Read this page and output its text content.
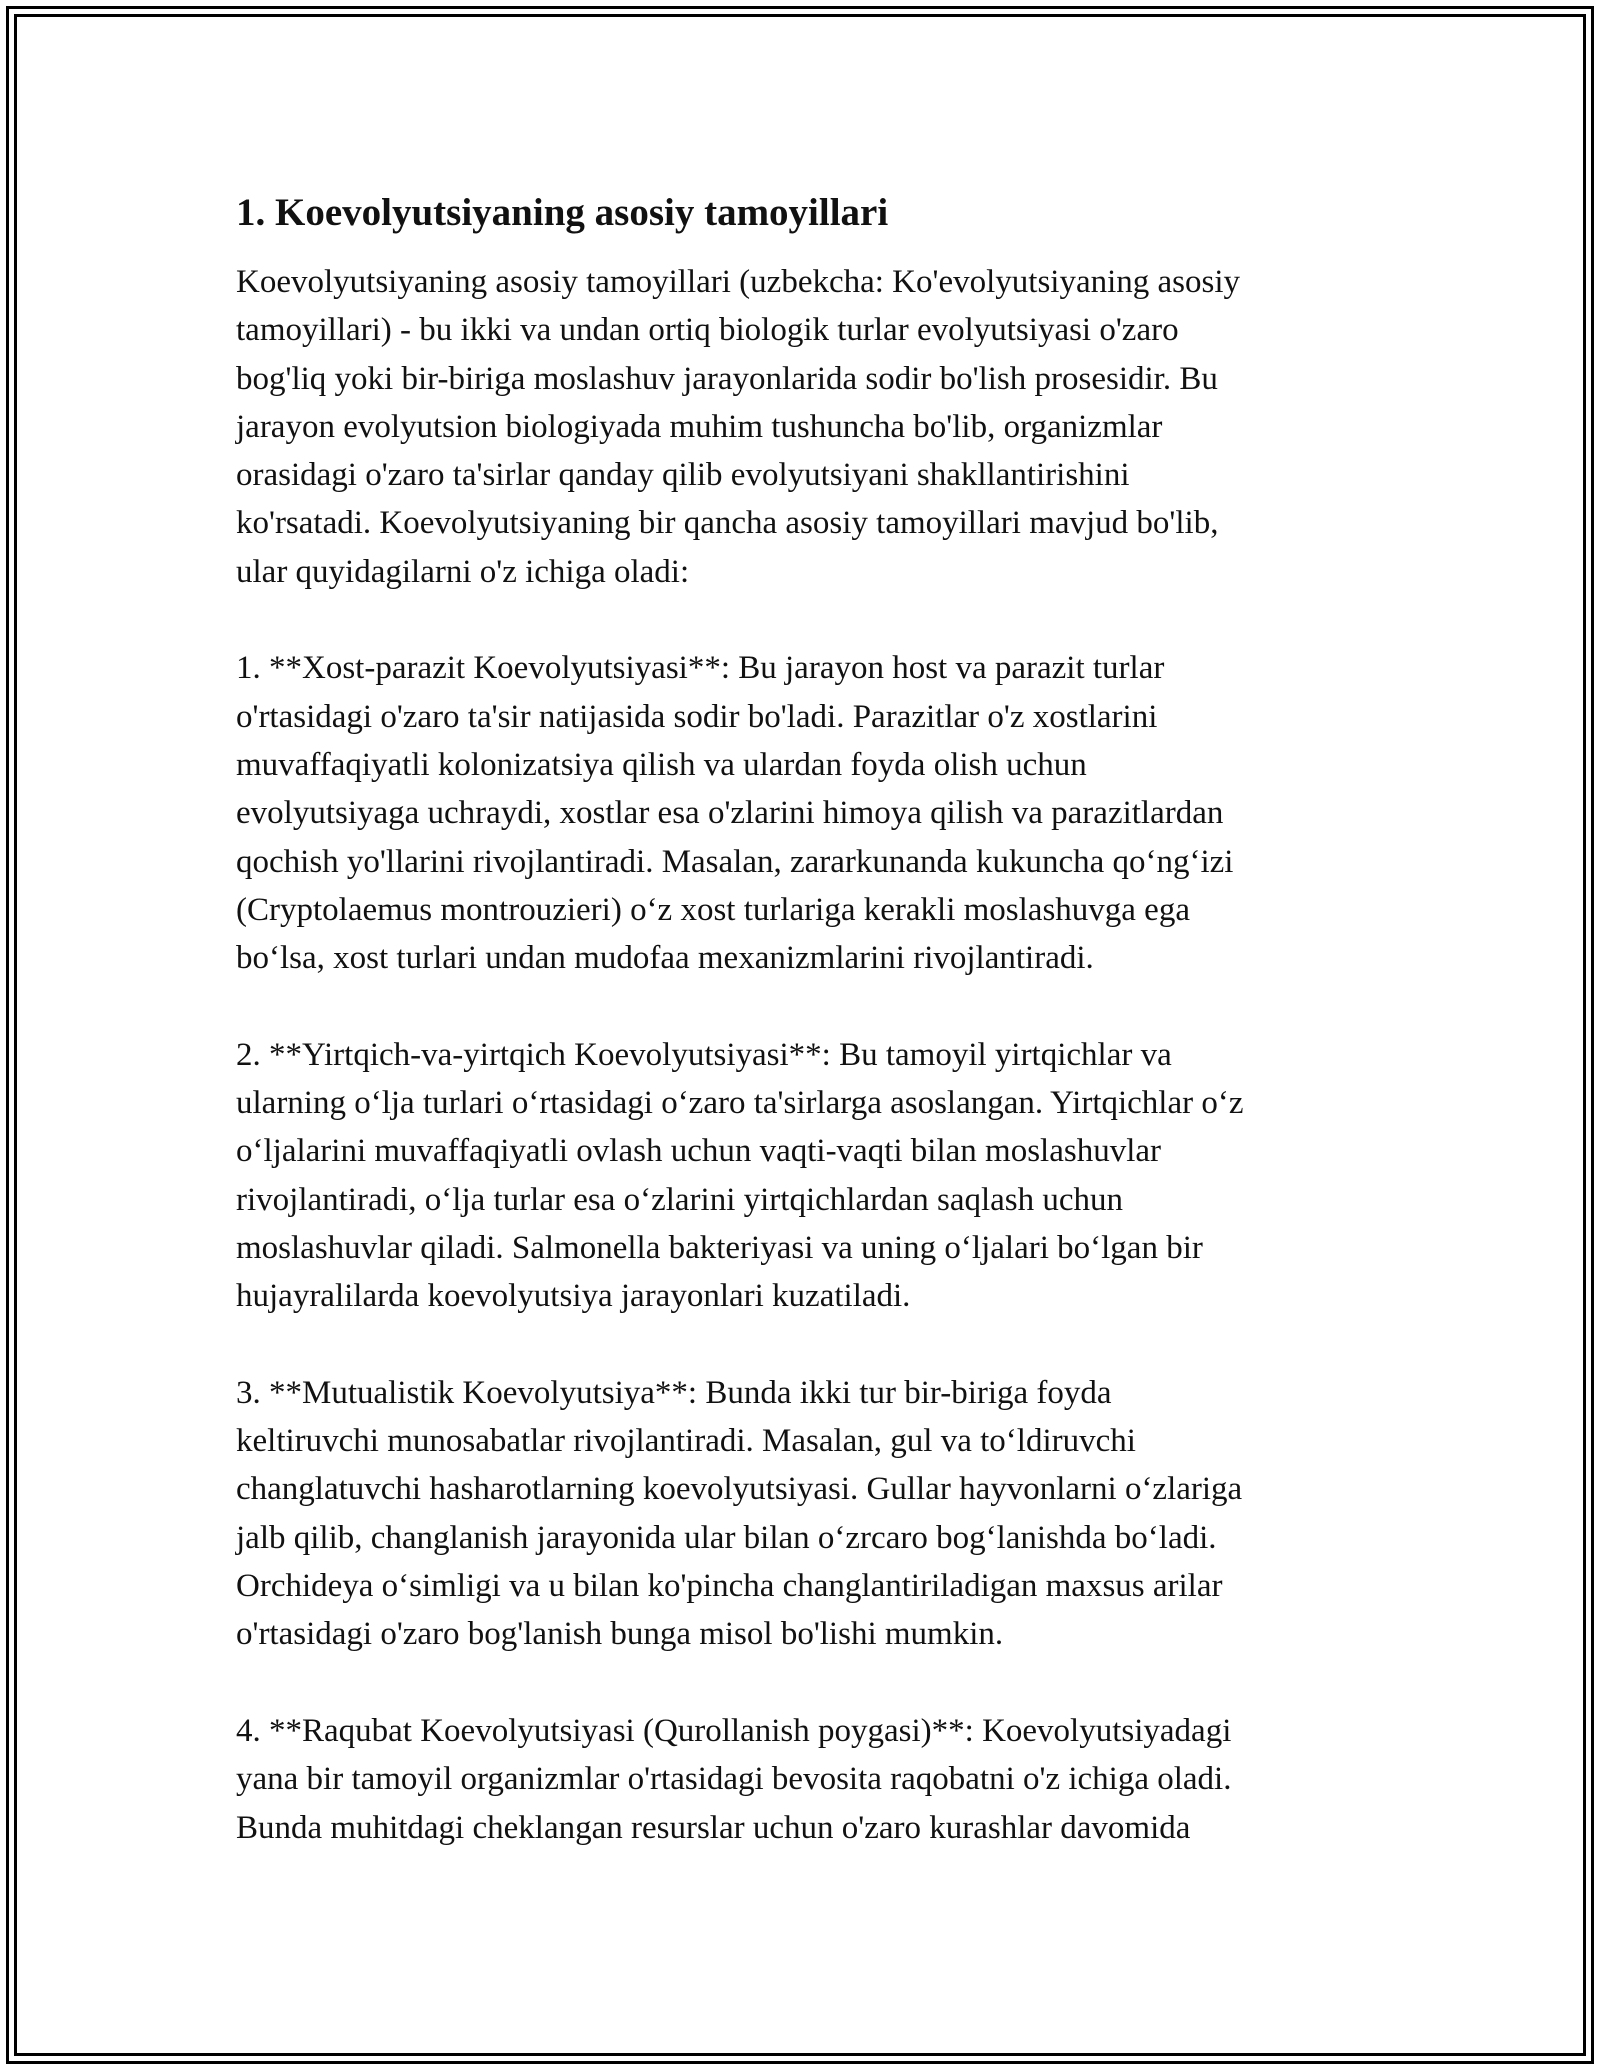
1. Koevolyutsiyaning asosiy tamoyillari

Koevolyutsiyaning asosiy tamoyillari (uzbekcha: Ko'evolyutsiyaning asosiy
tamoyillari) - bu ikki va undan ortiq biologik turlar evolyutsiyasi o'zaro
bog'liq yoki bir-biriga moslashuv jarayonlarida sodir bo'lish prosesidir. Bu
jarayon evolyutsion biologiyada muhim tushuncha bo'lib, organizmlar
orasidagi o'zaro ta'sirlar qanday qilib evolyutsiyani shakllantirishini
ko'rsatadi. Koevolyutsiyaning bir qancha asosiy tamoyillari mavjud bo'lib,
ular quyidagilarni o'z ichiga oladi:

1. **Xost-parazit Koevolyutsiyasi**: Bu jarayon host va parazit turlar
o'rtasidagi o'zaro ta'sir natijasida sodir bo'ladi. Parazitlar o'z xostlarini
muvaffaqiyatli kolonizatsiya qilish va ulardan foyda olish uchun
evolyutsiyaga uchraydi, xostlar esa o'zlarini himoya qilish va parazitlardan
qochish yo'llarini rivojlantiradi. Masalan, zararkunanda kukuncha qoʻngʻizi
(Cryptolaemus montrouzieri) oʻz xost turlariga kerakli moslashuvga ega
boʻlsa, xost turlari undan mudofaa mexanizmlarini rivojlantiradi.

2. **Yirtqich-va-yirtqich Koevolyutsiyasi**: Bu tamoyil yirtqichlar va
ularning oʻlja turlari oʻrtasidagi oʻzaro ta'sirlarga asoslangan. Yirtqichlar oʻz
oʻljalarini muvaffaqiyatli ovlash uchun vaqti-vaqti bilan moslashuvlar
rivojlantiradi, oʻlja turlar esa oʻzlarini yirtqichlardan saqlash uchun
moslashuvlar qiladi. Salmonella bakteriyasi va uning oʻljalari boʻlgan bir
hujayralilarda koevolyutsiya jarayonlari kuzatiladi.

3. **Mutualistik Koevolyutsiya**: Bunda ikki tur bir-biriga foyda
keltiruvchi munosabatlar rivojlantiradi. Masalan, gul va toʻldiruvchi
changlatuvchi hasharotlarning koevolyutsiyasi. Gullar hayvonlarni oʻzlariga
jalb qilib, changlanish jarayonida ular bilan oʻzrcaro bogʻlanishda boʻladi.
Orchideya oʻsimligi va u bilan ko'pincha changlantiriladigan maxsus arilar
o'rtasidagi o'zaro bog'lanish bunga misol bo'lishi mumkin.

4. **Raqubat Koevolyutsiyasi (Qurollanish poygasi)**: Koevolyutsiyadagi
yana bir tamoyil organizmlar o'rtasidagi bevosita raqobatni o'z ichiga oladi.
Bunda muhitdagi cheklangan resurslar uchun o'zaro kurashlar davomida
